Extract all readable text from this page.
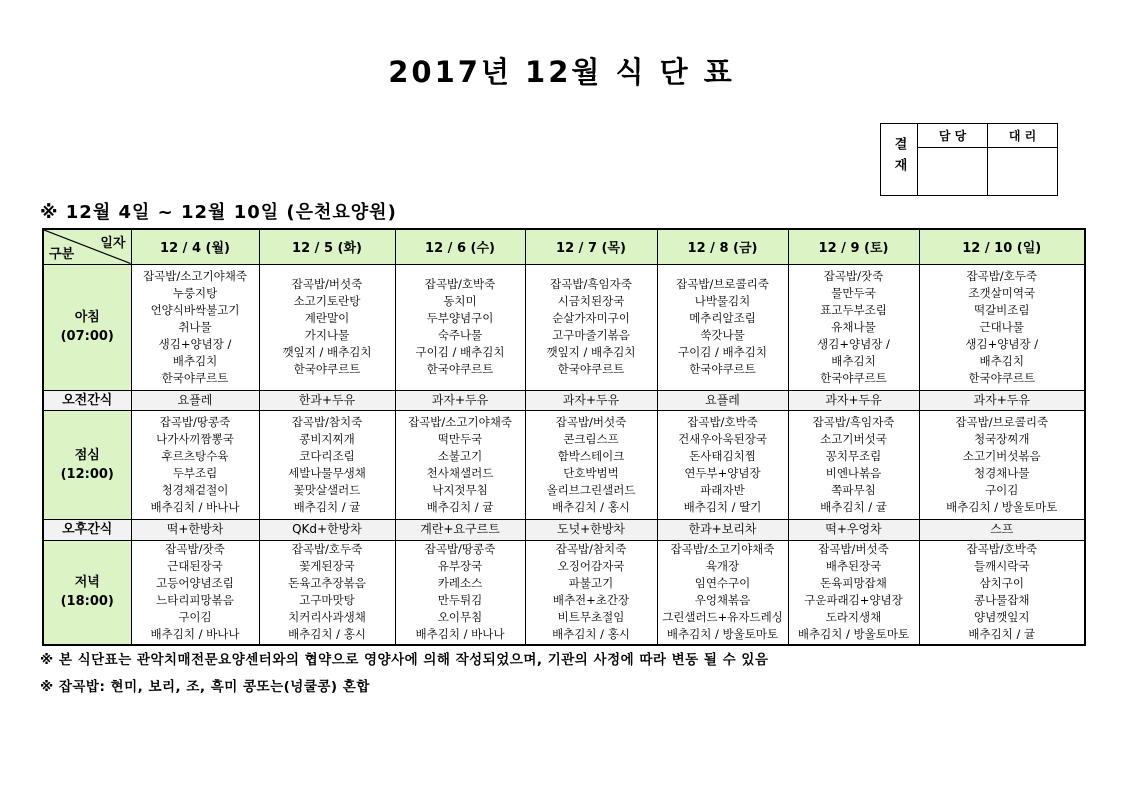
2017년 12월 식 단 표
결재	담 당	대 리

※ 12월 4일 ~ 12월 10일 (은천요양원)
일자
구분	12 / 4 (월)	12 / 5 (화)	12 / 6 (수)	12 / 7 (목)	12 / 8 (금)	12 / 9 (토)	12 / 10 (일)
아침
(07:00)	잡곡밥/소고기야채죽
누룽지탕
언양식바싹불고기
취나물
생김+양념장 /
배추김치
한국야쿠르트	잡곡밥/버섯죽
소고기토란탕
계란말이
가지나물
깻잎지 / 배추김치
한국야쿠르트	잡곡밥/호박죽
동치미
두부양념구이
숙주나물
구이김 / 배추김치
한국야쿠르트	잡곡밥/흑임자죽
시금치된장국
순살가자미구이
고구마줄기볶음
깻잎지 / 배추김치
한국야쿠르트	잡곡밥/브로콜리죽
나박물김치
메추리알조림
쑥갓나물
구이김 / 배추김치
한국야쿠르트	잡곡밥/잣죽
물만두국
표고두부조림
유채나물
생김+양념장 /
배추김치
한국야쿠르트	잡곡밥/호두죽
조갯살미역국
떡갈비조림
근대나물
생김+양념장 /
배추김치
한국야쿠르트
오전간식	요플레	한과+두유	과자+두유	과자+두유	요플레	과자+두유	과자+두유
점심
(12:00)	잡곡밥/땅콩죽
나가사끼짬뽕국
후르츠탕수육
두부조림
청경채겉절이
배추김치 / 바나나	잡곡밥/참치죽
콩비지찌개
코다리조림
세발나물무생채
꽃맛살샐러드
배추김치 / 귤	잡곡밥/소고기야채죽
떡만두국
소불고기
천사채샐러드
낙지젓무침
배추김치 / 귤	잡곡밥/버섯죽
콘크림스프
함박스테이크
단호박범벅
올리브그린샐러드
배추김치 / 홍시	잡곡밥/호박죽
건새우아욱된장국
돈사태김치찜
연두부+양념장
파래자반
배추김치 / 딸기	잡곡밥/흑임자죽
소고기버섯국
꽁치무조림
비엔나볶음
쪽파무침
배추김치 / 귤	잡곡밥/브로콜리죽
청국장찌개
소고기버섯볶음
청경채나물
구이김
배추김치 / 방울토마토
오후간식	떡+한방차	QKd+한방차	계란+요구르트	도넛+한방차	한과+보리차	떡+우엉차	스프
저녁
(18:00)	잡곡밥/잣죽
근대된장국
고등어양념조림
느타리피망볶음
구이김
배추김치 / 바나나	잡곡밥/호두죽
꽃게된장국
돈육고추장볶음
고구마맛탕
치커리사과생채
배추김치 / 홍시	잡곡밥/땅콩죽
유부장국
카레소스
만두튀김
오이무침
배추김치 / 바나나	잡곡밥/참치죽
오징어감자국
파불고기
배추전+초간장
비트무초절임
배추김치 / 홍시	잡곡밥/소고기야채죽
육개장
임연수구이
우엉채볶음
그린샐러드+유자드레싱
배추김치 / 방울토마토	잡곡밥/버섯죽
배추된장국
돈육피망잡채
구운파래김+양념장
도라지생채
배추김치 / 방울토마토	잡곡밥/호박죽
들깨시락국
삼치구이
콩나물잡채
양념깻잎지
배추김치 / 귤
※ 본 식단표는 관악치매전문요양센터와의 협약으로 영양사에 의해 작성되었으며, 기관의 사정에 따라 변동 될 수 있음
※ 잡곡밥: 현미, 보리, 조, 흑미 콩또는(넝쿨콩) 혼합
